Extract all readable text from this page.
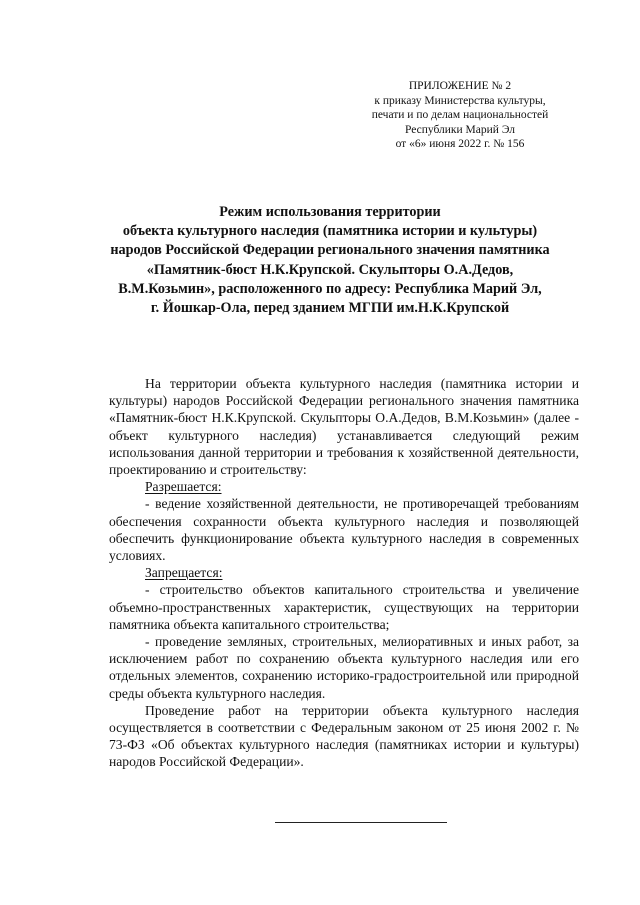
ПРИЛОЖЕНИЕ № 2
к приказу Министерства культуры,
печати и по делам национальностей
Республики Марий Эл
от «6» июня 2022 г. № 156
Режим использования территории
объекта культурного наследия (памятника истории и культуры)
народов Российской Федерации регионального значения памятника
«Памятник-бюст Н.К.Крупской. Скульпторы О.А.Дедов,
В.М.Козьмин», расположенного по адресу: Республика Марий Эл,
г. Йошкар-Ола, перед зданием МГПИ им.Н.К.Крупской

На территории объекта культурного наследия (памятника истории и культуры) народов Российской Федерации регионального значения памятника «Памятник-бюст Н.К.Крупской. Скульпторы О.А.Дедов, В.М.Козьмин» (далее - объект культурного наследия) устанавливается следующий режим использования данной территории и требования к хозяйственной деятельности, проектированию и строительству:

Разрешается:

- ведение хозяйственной деятельности, не противоречащей требованиям обеспечения сохранности объекта культурного наследия и позволяющей обеспечить функционирование объекта культурного наследия в современных условиях.

Запрещается:

- строительство объектов капитального строительства и увеличение объемно-пространственных характеристик, существующих на территории памятника объекта капитального строительства;

- проведение земляных, строительных, мелиоративных и иных работ, за исключением работ по сохранению объекта культурного наследия или его отдельных элементов, сохранению историко-градостроительной или природной среды объекта культурного наследия.

Проведение работ на территории объекта культурного наследия осуществляется в соответствии с Федеральным законом от 25 июня 2002 г. № 73-ФЗ «Об объектах культурного наследия (памятниках истории и культуры) народов Российской Федерации».
